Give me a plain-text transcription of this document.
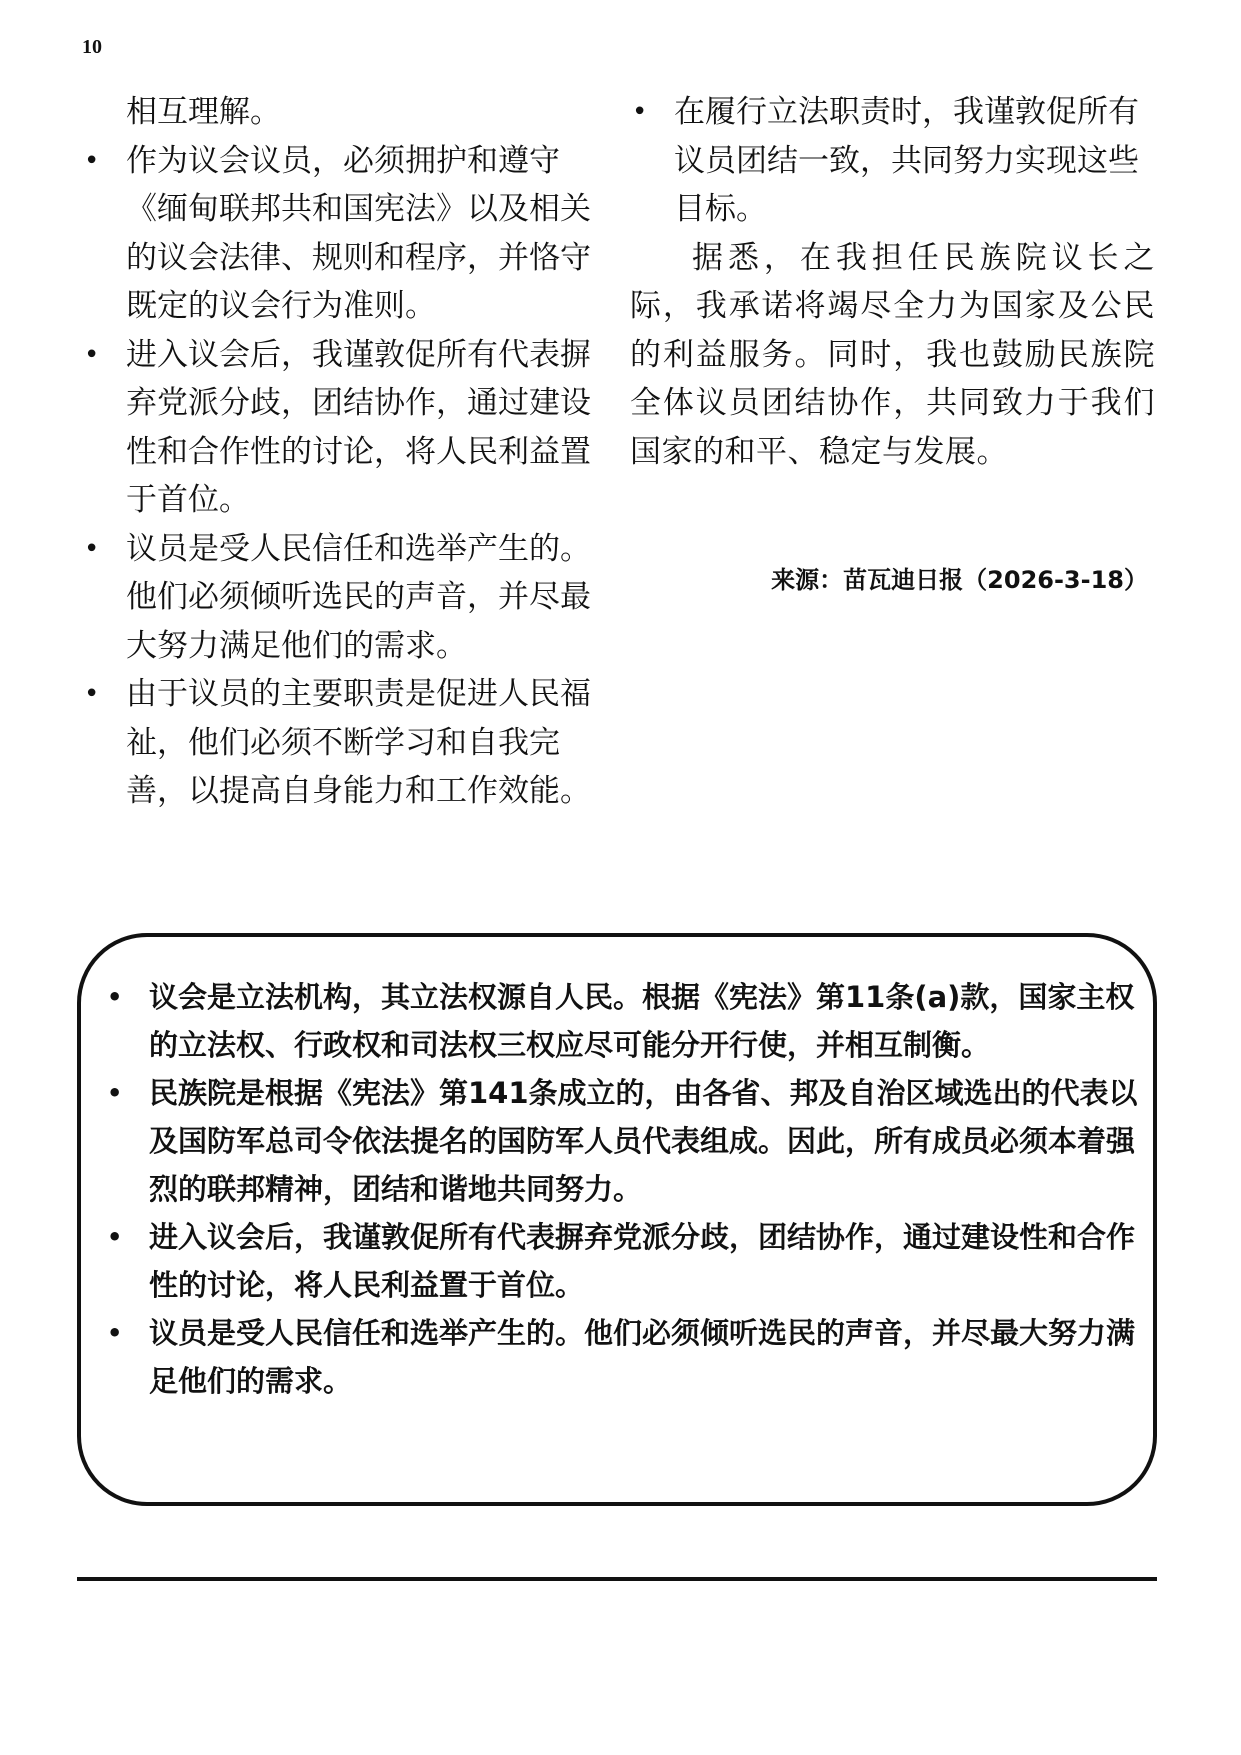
10
相互理解。
• 作为议会议员，必须拥护和遵守《缅甸联邦共和国宪法》以及相关的议会法律、规则和程序，并恪守既定的议会行为准则。
• 进入议会后，我谨敦促所有代表摒弃党派分歧，团结协作，通过建设性和合作性的讨论，将人民利益置于首位。
• 议员是受人民信任和选举产生的。他们必须倾听选民的声音，并尽最大努力满足他们的需求。
• 由于议员的主要职责是促进人民福祉，他们必须不断学习和自我完善，以提高自身能力和工作效能。
• 在履行立法职责时，我谨敦促所有议员团结一致，共同努力实现这些目标。
据悉，在我担任民族院议长之际，我承诺将竭尽全力为国家及公民的利益服务。同时，我也鼓励民族院全体议员团结协作，共同致力于我们国家的和平、稳定与发展。
来源：苗瓦迪日报（2026-3-18）
• 议会是立法机构，其立法权源自人民。根据《宪法》第11条(a)款，国家主权的立法权、行政权和司法权三权应尽可能分开行使，并相互制衡。
• 民族院是根据《宪法》第141条成立的，由各省、邦及自治区域选出的代表以及国防军总司令依法提名的国防军人员代表组成。因此，所有成员必须本着强烈的联邦精神，团结和谐地共同努力。
• 进入议会后，我谨敦促所有代表摒弃党派分歧，团结协作，通过建设性和合作性的讨论，将人民利益置于首位。
• 议员是受人民信任和选举产生的。他们必须倾听选民的声音，并尽最大努力满足他们的需求。
